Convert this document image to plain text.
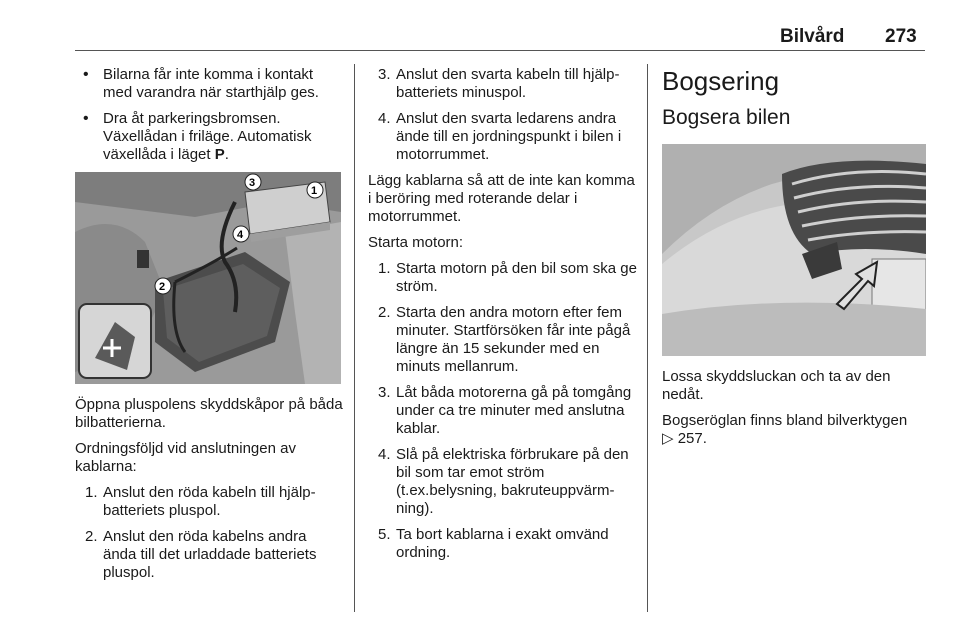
Bilvård 273
• Bilarna får inte komma i kontakt med varandra när starthjälp ges.
• Dra åt parkeringsbromsen. Växellådan i friläge. Automatisk växellåda i läget P.
1
2
3
4

Öppna pluspolens skyddskåpor på båda bilbatterierna.

Ordningsföljd vid anslutningen av kablarna:

1. Anslut den röda kabeln till hjälp-batteriets pluspol.
2. Anslut den röda kabelns andra ända till det urladdade batteriets pluspol.
3. Anslut den svarta kabeln till hjälp-batteriets minuspol.
4. Anslut den svarta ledarens andra ände till en jordningspunkt i bilen i motorrummet.

Lägg kablarna så att de inte kan komma i beröring med roterande delar i motorrummet.

Starta motorn:

1. Starta motorn på den bil som ska ge ström.
2. Starta den andra motorn efter fem minuter. Startförsöken får inte pågå längre än 15 sekunder med en minuts mellanrum.
3. Låt båda motorerna gå på tomgång under ca tre minuter med anslutna kablar.
4. Slå på elektriska förbrukare på den bil som tar emot ström (t.ex.belysning, bakruteuppvärm-ning).
5. Ta bort kablarna i exakt omvänd ordning.
Bogsering
Bogsera bilen

Lossa skyddsluckan och ta av den nedåt.

Bogseröglan finns bland bilverktygen
▷ 257.
